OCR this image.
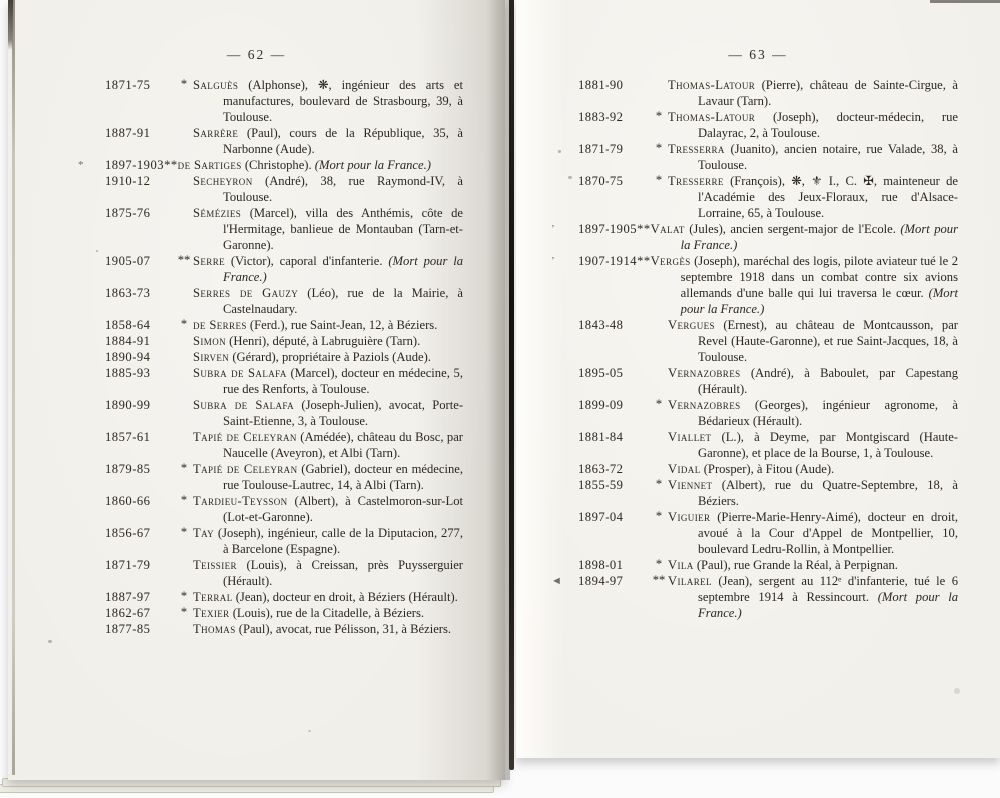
— 62 —
1871-75	* Salguès (Alphonse), ❋, ingénieur des arts et manufactures, boulevard de Strasbourg, 39, à Toulouse.
1887-91	Sarrère (Paul), cours de la République, 35, à Narbonne (Aude).
* 1897-1903** de Sartiges (Christophe). (Mort pour la France.)
1910-12	Secheyron (André), 38, rue Raymond-IV, à Toulouse.
1875-76	Sémézies (Marcel), villa des Anthémis, côte de l'Hermitage, banlieue de Montauban (Tarn-et-Garonne).
1905-07	** Serre (Victor), caporal d'infanterie. (Mort pour la France.)
1863-73	Serres de Gauzy (Léo), rue de la Mairie, à Castelnaudary.
1858-64	* de Serres (Ferd.), rue Saint-Jean, 12, à Béziers.
1884-91	Simon (Henri), député, à Labruguière (Tarn).
1890-94	Sirven (Gérard), propriétaire à Paziols (Aude).
1885-93	Subra de Salafa (Marcel), docteur en médecine, 5, rue des Renforts, à Toulouse.
1890-99	Subra de Salafa (Joseph-Julien), avocat, Porte-Saint-Etienne, 3, à Toulouse.
1857-61	Tapié de Celeyran (Amédée), château du Bosc, par Naucelle (Aveyron), et Albi (Tarn).
1879-85	* Tapié de Celeyran (Gabriel), docteur en médecine, rue Toulouse-Lautrec, 14, à Albi (Tarn).
1860-66	* Tardieu-Teysson (Albert), à Castelmoron-sur-Lot (Lot-et-Garonne).
1856-67	* Tay (Joseph), ingénieur, calle de la Diputacion, 277, à Barcelone (Espagne).
1871-79	Teissier (Louis), à Creissan, près Puysserguier (Hérault).
1887-97	* Terral (Jean), docteur en droit, à Béziers (Hérault).
1862-67	* Texier (Louis), rue de la Citadelle, à Béziers.
1877-85	Thomas (Paul), avocat, rue Pélisson, 31, à Béziers.
— 63 —
1881-90	Thomas-Latour (Pierre), château de Sainte-Cirgue, à Lavaur (Tarn).
1883-92	* Thomas-Latour (Joseph), docteur-médecin, rue Dalayrac, 2, à Toulouse.
1871-79	* Tresserra (Juanito), ancien notaire, rue Valade, 38, à Toulouse.
1870-75	* Tresserre (François), ❋, ⚜ I., C. ✠, mainteneur de l'Académie des Jeux-Floraux, rue d'Alsace-Lorraine, 65, à Toulouse.
’ 1897-1905** Valat (Jules), ancien sergent-major de l'Ecole. (Mort pour la France.)
’ 1907-1914** Vergès (Joseph), maréchal des logis, pilote aviateur tué le 2 septembre 1918 dans un combat contre six avions allemands d'une balle qui lui traversa le cœur. (Mort pour la France.)
1843-48	Vergues (Ernest), au château de Montcausson, par Revel (Haute-Garonne), et rue Saint-Jacques, 18, à Toulouse.
1895-05	Vernazobres (André), à Baboulet, par Capestang (Hérault).
1899-09	* Vernazobres (Georges), ingénieur agronome, à Bédarieux (Hérault).
1881-84	Viallet (L.), à Deyme, par Montgiscard (Haute-Garonne), et place de la Bourse, 1, à Toulouse.
1863-72	Vidal (Prosper), à Fitou (Aude).
1855-59	* Viennet (Albert), rue du Quatre-Septembre, 18, à Béziers.
1897-04	* Viguier (Pierre-Marie-Henry-Aimé), docteur en droit, avoué à la Cour d'Appel de Montpellier, 10, boulevard Ledru-Rollin, à Montpellier.
1898-01	* Vila (Paul), rue Grande la Réal, à Perpignan.
◄ 1894-97	** Vilarel (Jean), sergent au 112ᵉ d'infanterie, tué le 6 septembre 1914 à Ressincourt. (Mort pour la France.)
